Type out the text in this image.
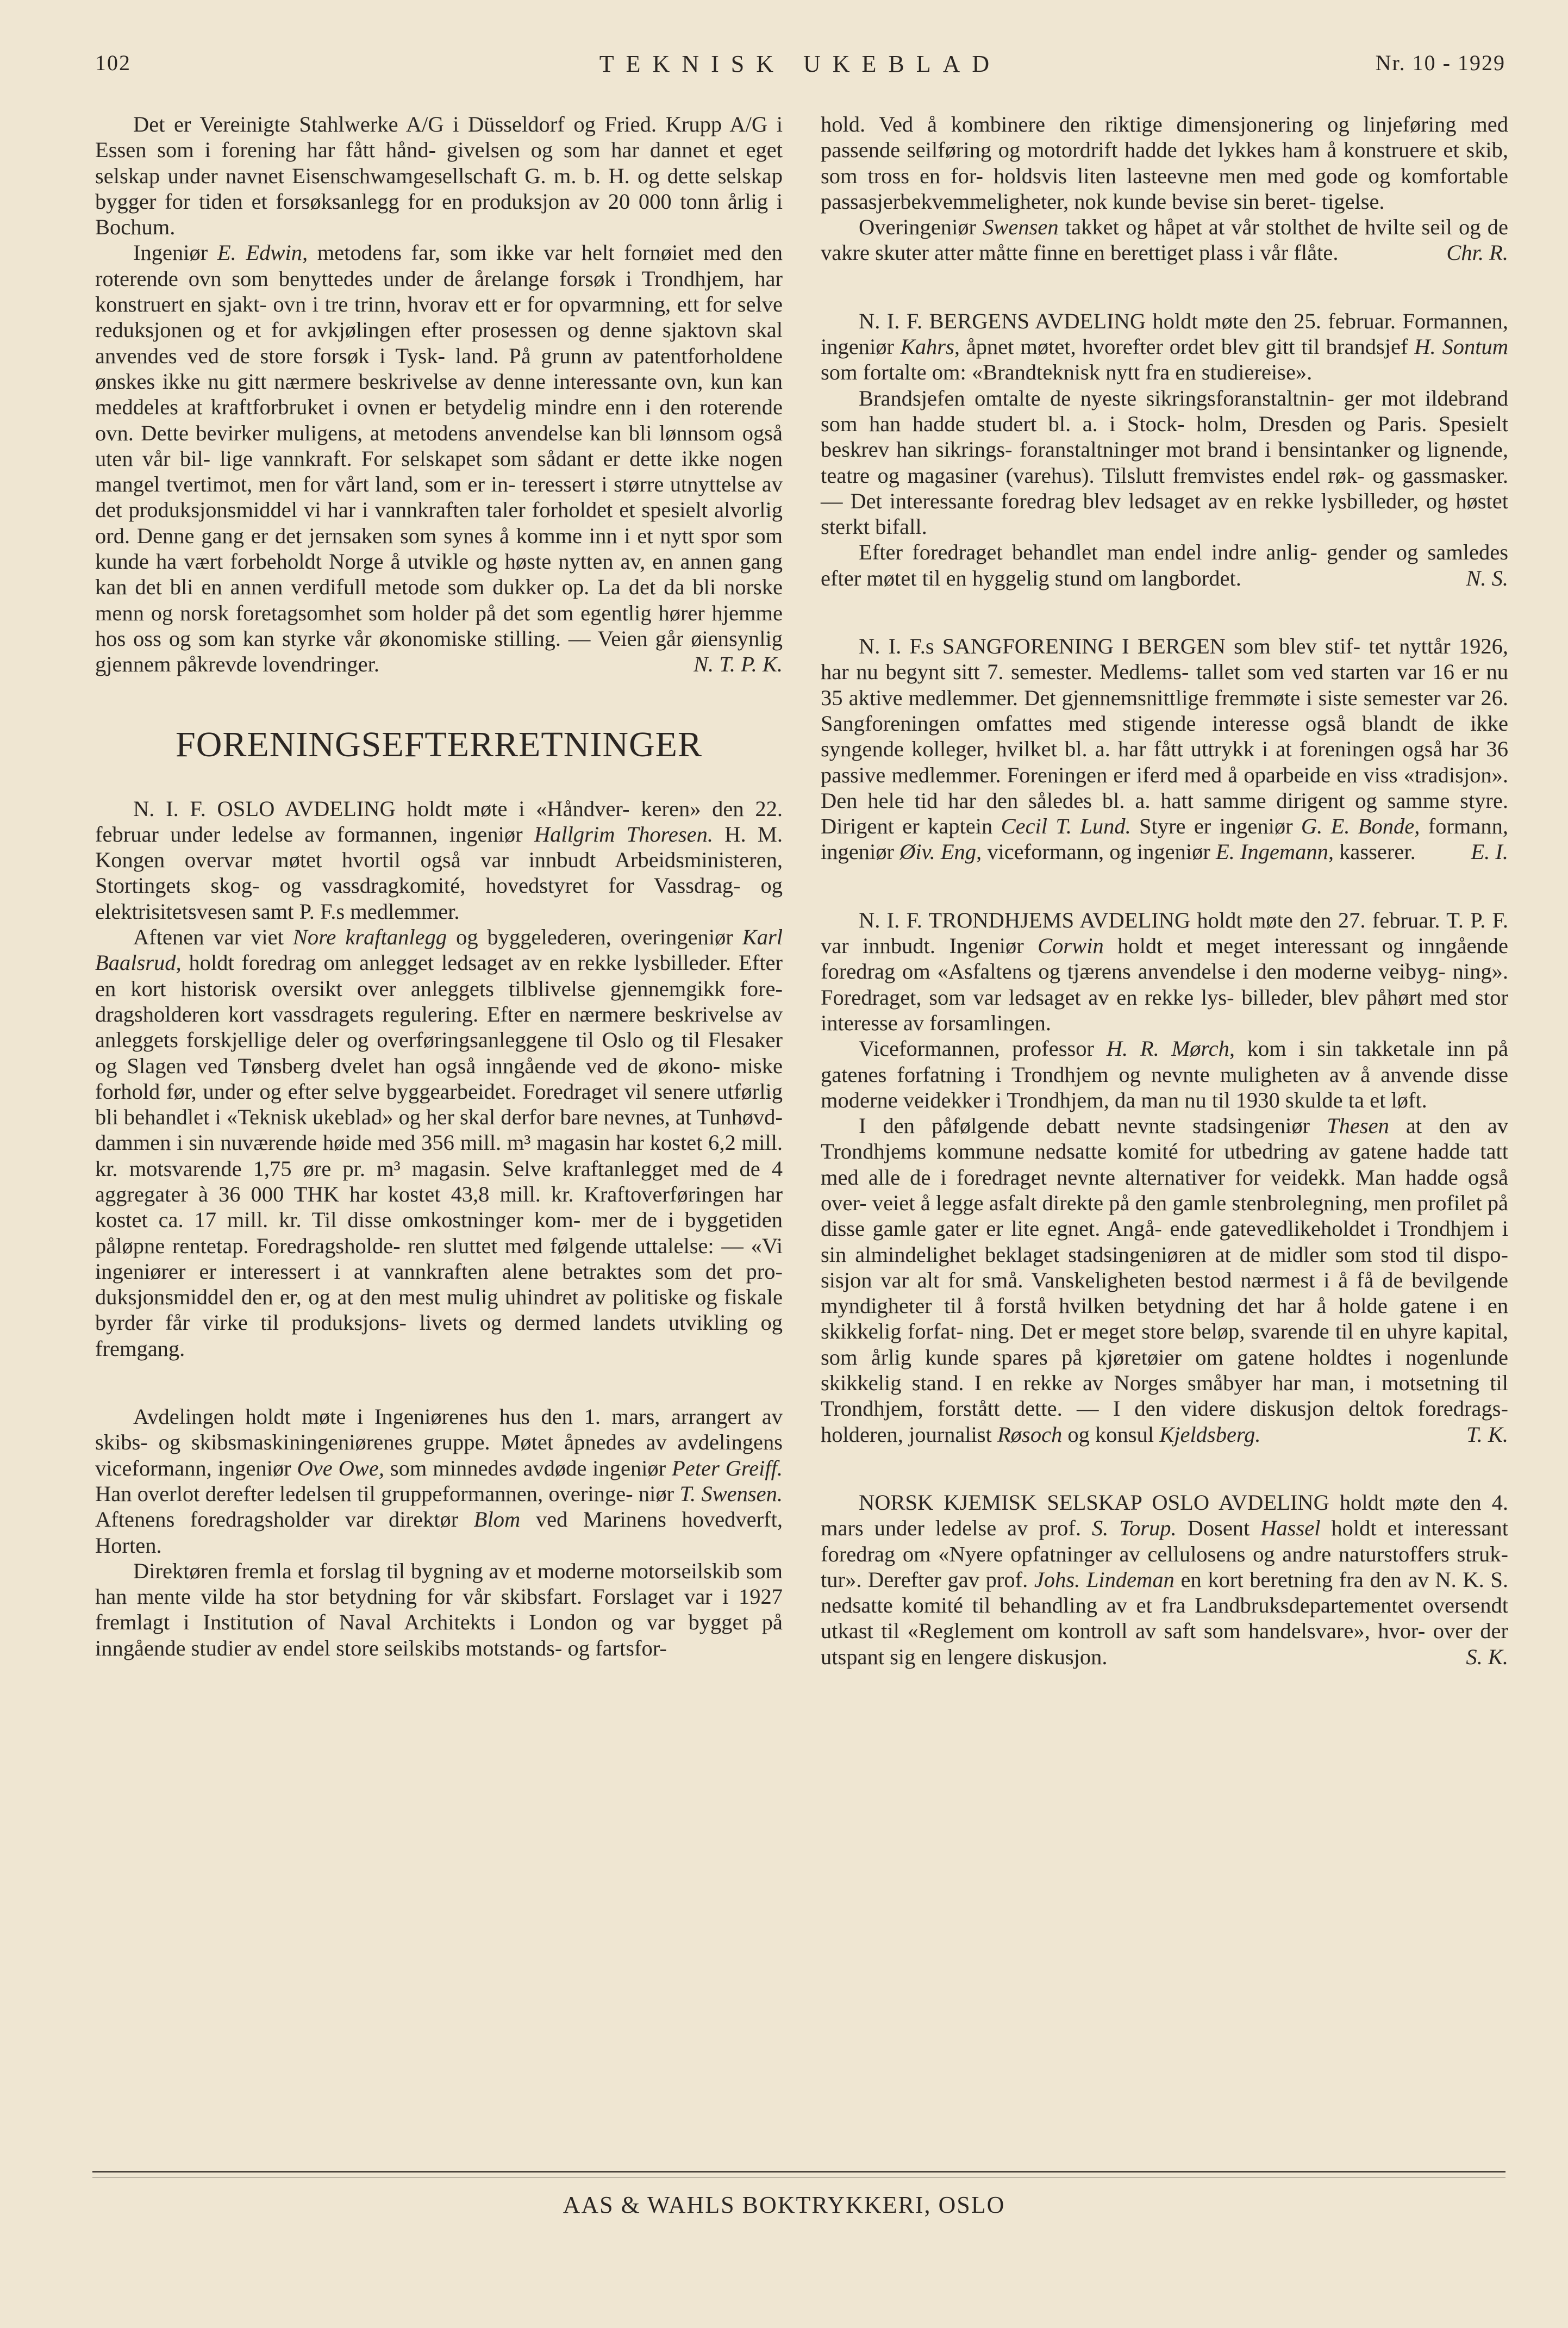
102	TEKNISK UKEBLAD	Nr. 10 - 1929

Det er Vereinigte Stahlwerke A/G i Düsseldorf og Fried. Krupp A/G i Essen som i forening har fått hånd- givelsen og som har dannet et eget selskap under navnet Eisenschwamgesellschaft G. m. b. H. og dette selskap bygger for tiden et forsøksanlegg for en produksjon av 20 000 tonn årlig i Bochum.

Ingeniør E. Edwin, metodens far, som ikke var helt fornøiet med den roterende ovn som benyttedes under de årelange forsøk i Trondhjem, har konstruert en sjakt- ovn i tre trinn, hvorav ett er for opvarmning, ett for selve reduksjonen og et for avkjølingen efter prosessen og denne sjaktovn skal anvendes ved de store forsøk i Tysk- land. På grunn av patentforholdene ønskes ikke nu gitt nærmere beskrivelse av denne interessante ovn, kun kan meddeles at kraftforbruket i ovnen er betydelig mindre enn i den roterende ovn. Dette bevirker muligens, at metodens anvendelse kan bli lønnsom også uten vår bil- lige vannkraft. For selskapet som sådant er dette ikke nogen mangel tvertimot, men for vårt land, som er in- teressert i større utnyttelse av det produksjonsmiddel vi har i vannkraften taler forholdet et spesielt alvorlig ord. Denne gang er det jernsaken som synes å komme inn i et nytt spor som kunde ha vært forbeholdt Norge å utvikle og høste nytten av, en annen gang kan det bli en annen verdifull metode som dukker op. La det da bli norske menn og norsk foretagsomhet som holder på det som egentlig hører hjemme hos oss og som kan styrke vår økonomiske stilling. — Veien går øiensynlig gjennem påkrevde lovendringer.	N. T. P. K.

FORENINGSEFTERRETNINGER

N. I. F. OSLO AVDELING holdt møte i «Håndver- keren» den 22. februar under ledelse av formannen, ingeniør Hallgrim Thoresen. H. M. Kongen overvar møtet hvortil også var innbudt Arbeidsministeren, Stortingets skog- og vassdragkomité, hovedstyret for Vassdrag- og elektrisitetsvesen samt P. F.s medlemmer.

Aftenen var viet Nore kraftanlegg og byggelederen, overingeniør Karl Baalsrud, holdt foredrag om anlegget ledsaget av en rekke lysbilleder. Efter en kort historisk oversikt over anleggets tilblivelse gjennemgikk fore- dragsholderen kort vassdragets regulering. Efter en nærmere beskrivelse av anleggets forskjellige deler og overføringsanleggene til Oslo og til Flesaker og Slagen ved Tønsberg dvelet han også inngående ved de økono- miske forhold før, under og efter selve byggearbeidet. Foredraget vil senere utførlig bli behandlet i «Teknisk ukeblad» og her skal derfor bare nevnes, at Tunhøvd- dammen i sin nuværende høide med 356 mill. m³ magasin har kostet 6,2 mill. kr. motsvarende 1,75 øre pr. m³ magasin. Selve kraftanlegget med de 4 aggregater à 36 000 THK har kostet 43,8 mill. kr. Kraftoverføringen har kostet ca. 17 mill. kr. Til disse omkostninger kom- mer de i byggetiden påløpne rentetap. Foredragsholde- ren sluttet med følgende uttalelse: — «Vi ingeniører er interessert i at vannkraften alene betraktes som det pro- duksjonsmiddel den er, og at den mest mulig uhindret av politiske og fiskale byrder får virke til produksjons- livets og dermed landets utvikling og fremgang.

Avdelingen holdt møte i Ingeniørenes hus den 1. mars, arrangert av skibs- og skibsmaskiningeniørenes gruppe. Møtet åpnedes av avdelingens viceformann, ingeniør Ove Owe, som minnedes avdøde ingeniør Peter Greiff. Han overlot derefter ledelsen til gruppeformannen, overinge- niør T. Swensen. Aftenens foredragsholder var direktør Blom ved Marinens hovedverft, Horten.

Direktøren fremla et forslag til bygning av et moderne motorseilskib som han mente vilde ha stor betydning for vår skibsfart. Forslaget var i 1927 fremlagt i Institution of Naval Architekts i London og var bygget på inngående studier av endel store seilskibs motstands- og fartsfor-

hold. Ved å kombinere den riktige dimensjonering og linjeføring med passende seilføring og motordrift hadde det lykkes ham å konstruere et skib, som tross en for- holdsvis liten lasteevne men med gode og komfortable passasjerbekvemmeligheter, nok kunde bevise sin beret- tigelse.

Overingeniør Swensen takket og håpet at vår stolthet de hvilte seil og de vakre skuter atter måtte finne en berettiget plass i vår flåte.	Chr. R.

N. I. F. BERGENS AVDELING holdt møte den 25. februar. Formannen, ingeniør Kahrs, åpnet møtet, hvorefter ordet blev gitt til brandsjef H. Sontum som fortalte om: «Brandteknisk nytt fra en studiereise».

Brandsjefen omtalte de nyeste sikringsforanstaltnin- ger mot ildebrand som han hadde studert bl. a. i Stock- holm, Dresden og Paris. Spesielt beskrev han sikrings- foranstaltninger mot brand i bensintanker og lignende, teatre og magasiner (varehus). Tilslutt fremvistes endel røk- og gassmasker. — Det interessante foredrag blev ledsaget av en rekke lysbilleder, og høstet sterkt bifall.

Efter foredraget behandlet man endel indre anlig- gender og samledes efter møtet til en hyggelig stund om langbordet.	N. S.

N. I. F.s SANGFORENING I BERGEN som blev stif- tet nyttår 1926, har nu begynt sitt 7. semester. Medlems- tallet som ved starten var 16 er nu 35 aktive medlemmer. Det gjennemsnittlige fremmøte i siste semester var 26. Sangforeningen omfattes med stigende interesse også blandt de ikke syngende kolleger, hvilket bl. a. har fått uttrykk i at foreningen også har 36 passive medlemmer. Foreningen er iferd med å oparbeide en viss «tradisjon». Den hele tid har den således bl. a. hatt samme dirigent og samme styre. Dirigent er kaptein Cecil T. Lund. Styre er ingeniør G. E. Bonde, formann, ingeniør Øiv. Eng, viceformann, og ingeniør E. Ingemann, kasserer.	E. I.

N. I. F. TRONDHJEMS AVDELING holdt møte den 27. februar. T. P. F. var innbudt. Ingeniør Corwin holdt et meget interessant og inngående foredrag om «Asfaltens og tjærens anvendelse i den moderne veibyg- ning». Foredraget, som var ledsaget av en rekke lys- billeder, blev påhørt med stor interesse av forsamlingen.

Viceformannen, professor H. R. Mørch, kom i sin takketale inn på gatenes forfatning i Trondhjem og nevnte muligheten av å anvende disse moderne veidekker i Trondhjem, da man nu til 1930 skulde ta et løft.

I den påfølgende debatt nevnte stadsingeniør Thesen at den av Trondhjems kommune nedsatte komité for utbedring av gatene hadde tatt med alle de i foredraget nevnte alternativer for veidekk. Man hadde også over- veiet å legge asfalt direkte på den gamle stenbrolegning, men profilet på disse gamle gater er lite egnet. Angå- ende gatevedlikeholdet i Trondhjem i sin almindelighet beklaget stadsingeniøren at de midler som stod til dispo- sisjon var alt for små. Vanskeligheten bestod nærmest i å få de bevilgende myndigheter til å forstå hvilken betydning det har å holde gatene i en skikkelig forfat- ning. Det er meget store beløp, svarende til en uhyre kapital, som årlig kunde spares på kjøretøier om gatene holdtes i nogenlunde skikkelig stand. I en rekke av Norges småbyer har man, i motsetning til Trondhjem, forstått dette. — I den videre diskusjon deltok foredrags- holderen, journalist Røsoch og konsul Kjeldsberg.	T. K.

NORSK KJEMISK SELSKAP OSLO AVDELING holdt møte den 4. mars under ledelse av prof. S. Torup. Dosent Hassel holdt et interessant foredrag om «Nyere opfatninger av cellulosens og andre naturstoffers struk- tur». Derefter gav prof. Johs. Lindeman en kort beretning fra den av N. K. S. nedsatte komité til behandling av et fra Landbruksdepartementet oversendt utkast til «Reglement om kontroll av saft som handelsvare», hvor- over der utspant sig en lengere diskusjon.	S. K.

AAS & WAHLS BOKTRYKKERI, OSLO
